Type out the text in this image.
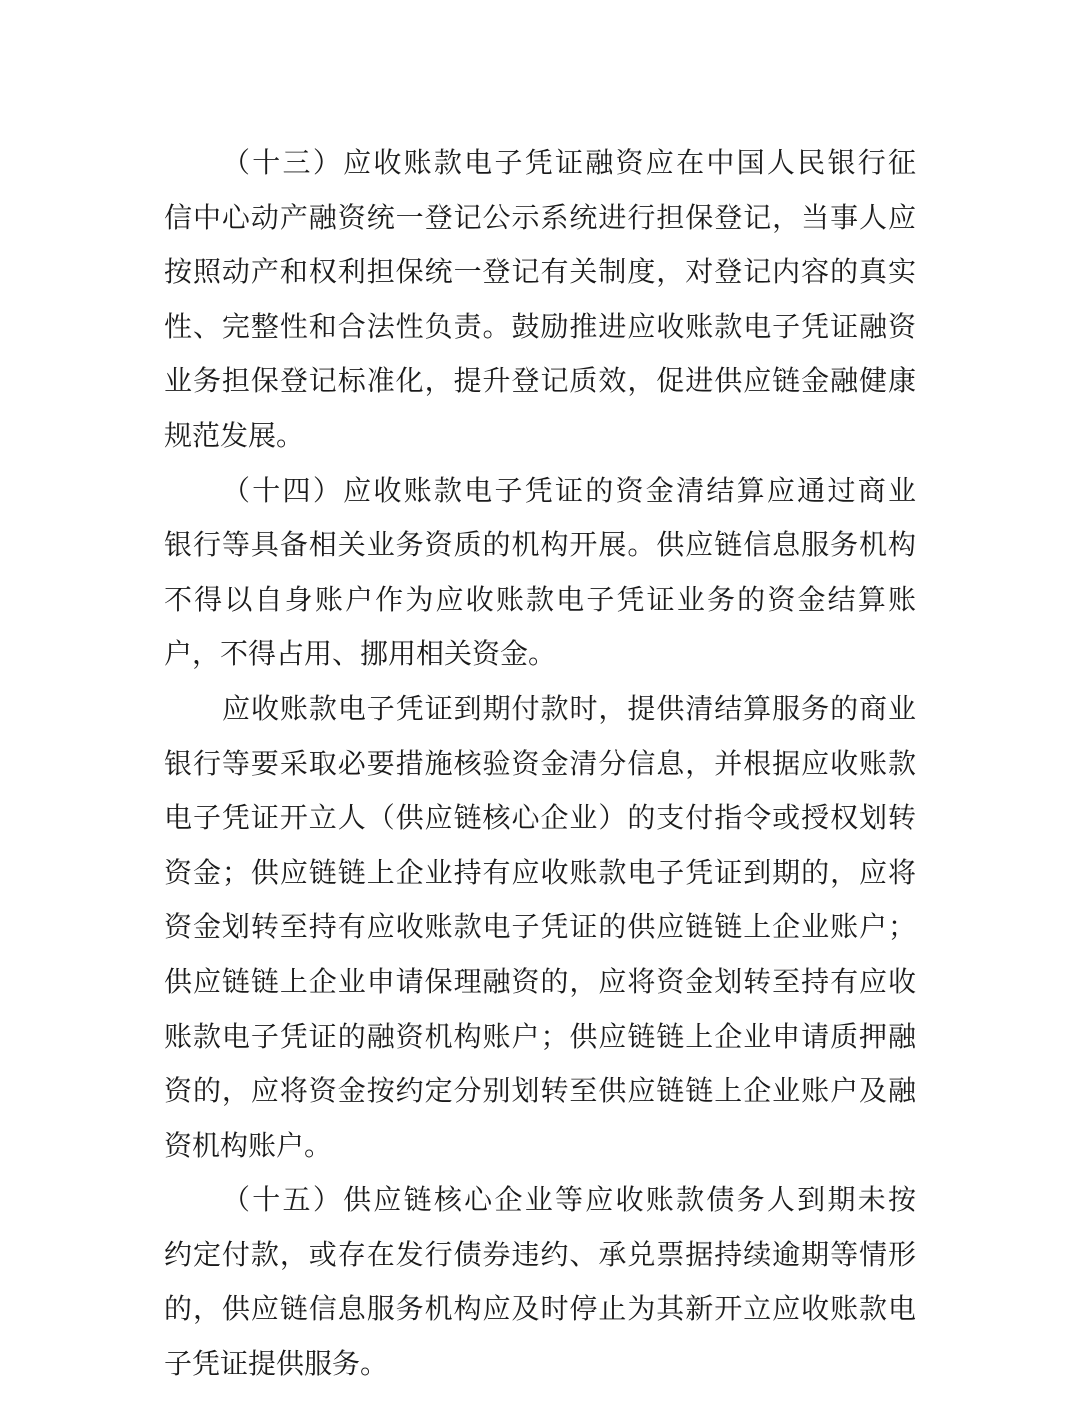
（十三）应收账款电子凭证融资应在中国人民银行征
信中心动产融资统一登记公示系统进行担保登记，当事人应
按照动产和权利担保统一登记有关制度，对登记内容的真实
性、完整性和合法性负责。鼓励推进应收账款电子凭证融资
业务担保登记标准化，提升登记质效，促进供应链金融健康
规范发展。
（十四）应收账款电子凭证的资金清结算应通过商业
银行等具备相关业务资质的机构开展。供应链信息服务机构
不得以自身账户作为应收账款电子凭证业务的资金结算账
户，不得占用、挪用相关资金。
应收账款电子凭证到期付款时，提供清结算服务的商业
银行等要采取必要措施核验资金清分信息，并根据应收账款
电子凭证开立人（供应链核心企业）的支付指令或授权划转
资金；供应链链上企业持有应收账款电子凭证到期的，应将
资金划转至持有应收账款电子凭证的供应链链上企业账户；
供应链链上企业申请保理融资的，应将资金划转至持有应收
账款电子凭证的融资机构账户；供应链链上企业申请质押融
资的，应将资金按约定分别划转至供应链链上企业账户及融
资机构账户。
（十五）供应链核心企业等应收账款债务人到期未按
约定付款，或存在发行债券违约、承兑票据持续逾期等情形
的，供应链信息服务机构应及时停止为其新开立应收账款电
子凭证提供服务。
